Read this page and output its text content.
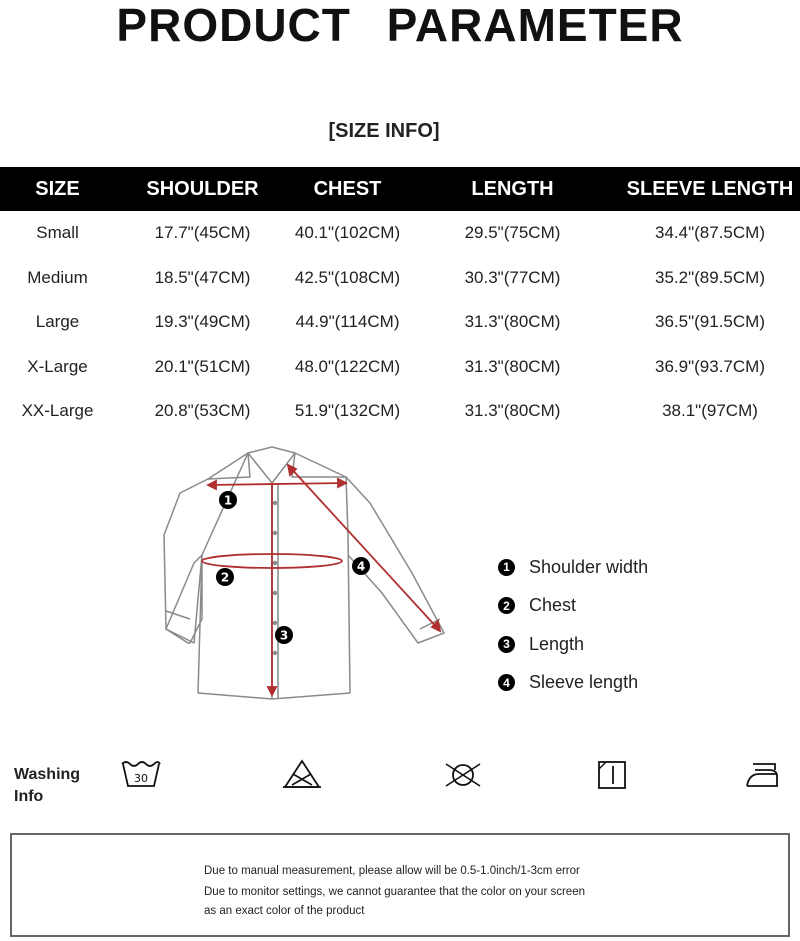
PRODUCT PARAMETER
[SIZE INFO]
SIZE	SHOULDER	CHEST	LENGTH	SLEEVE LENGTH
Small	17.7"(45CM)	40.1"(102CM)	29.5"(75CM)	34.4"(87.5CM)
Medium	18.5"(47CM)	42.5"(108CM)	30.3"(77CM)	35.2"(89.5CM)
Large	19.3"(49CM)	44.9"(114CM)	31.3"(80CM)	36.5"(91.5CM)
X-Large	20.1"(51CM)	48.0"(122CM)	31.3"(80CM)	36.9"(93.7CM)
XX-Large	20.8"(53CM)	51.9"(132CM)	31.3"(80CM)	38.1"(97CM)
1
2
3
4	1 Shoulder width
2 Chest
3 Length
4 Sleeve length
Washing
Info
30

Due to manual measurement, please allow will be 0.5-1.0inch/1-3cm error

Due to monitor settings, we cannot guarantee that the color on your screen

as an exact color of the product
